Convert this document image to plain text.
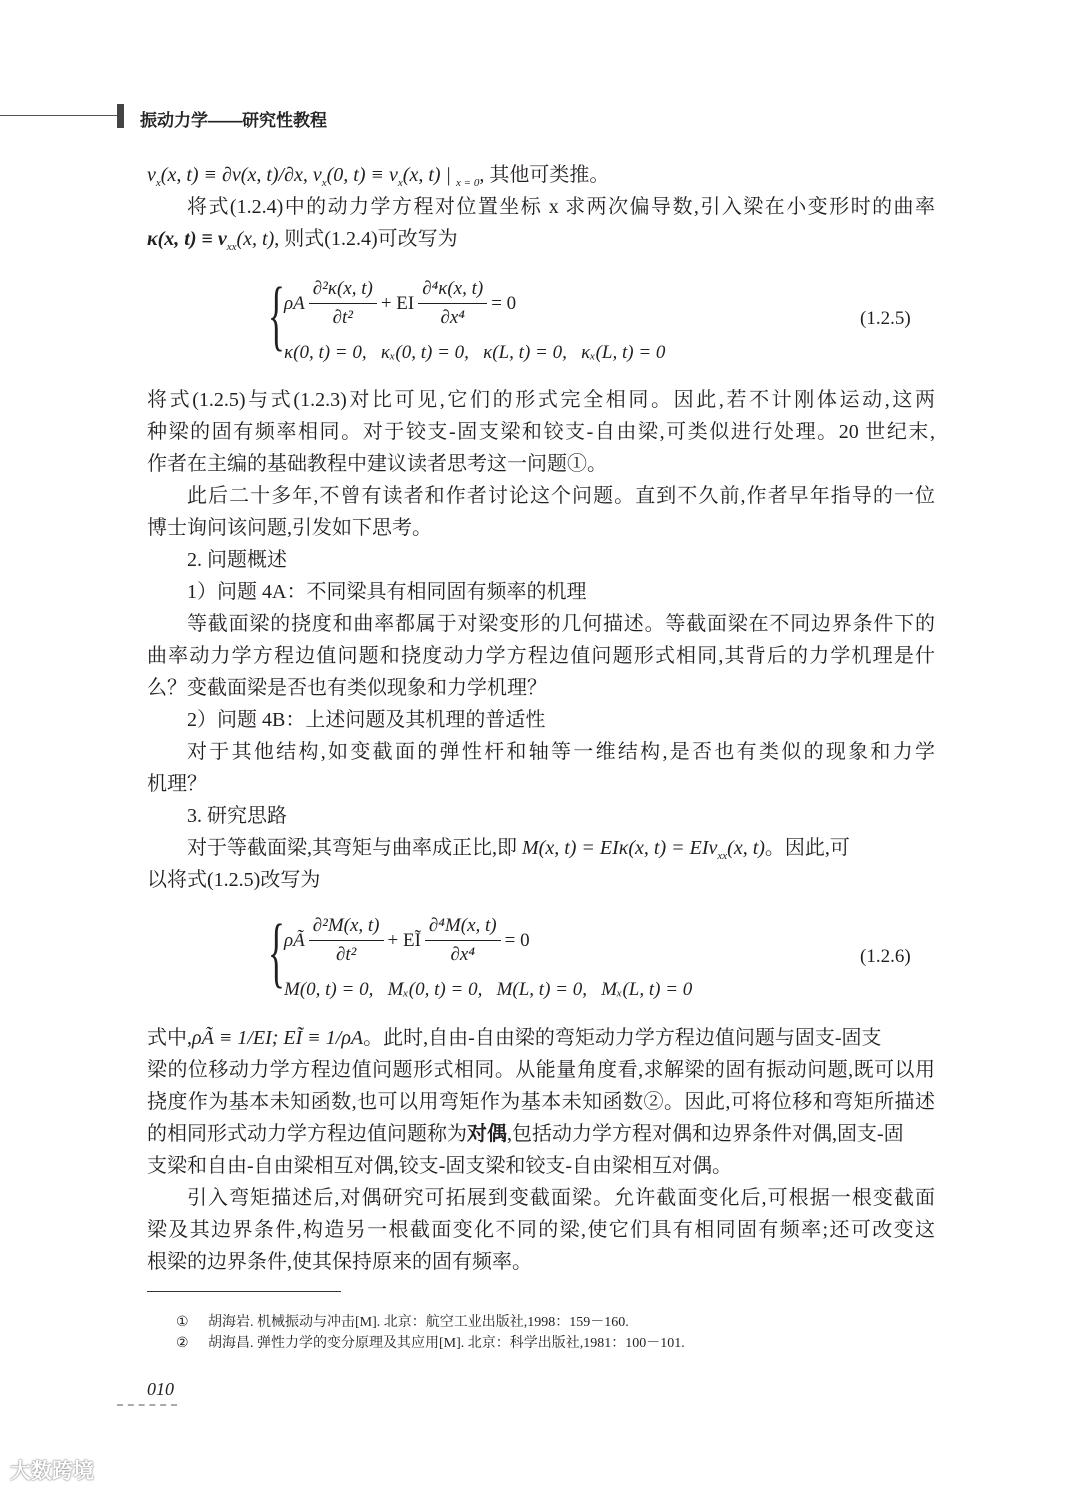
振动力学——研究性教程
$v_x(x$, t) ≡ ∂v(x, t)/∂x, $v_x(0$, $t) \equiv v_x(x$, t) | $_{x = 0}$, 其他可类推。
将式(1.2.4)中的动力学方程对位置坐标 x 求两次偏导数,引入梁在小变形时的曲率
κ(x, $t) \equiv v_{xx}(x$, t), 则式(1.2.4)可改写为
{ ρA $\frac{\text{∂²κ(x, t)}}{\text{∂t²}}$ + EI $\frac{\text{∂⁴κ(x, t)}}{\text{∂x⁴}} = 0$
κ(0, t) = 0,   κₓ(0, t) = 0,   κ(L, t) = 0,   κₓ(L, t) = 0
(1.2.5)
将式(1.2.5)与式(1.2.3)对比可见,它们的形式完全相同。因此,若不计刚体运动,这两
种梁的固有频率相同。对于铰支-固支梁和铰支-自由梁,可类似进行处理。20 世纪末,
作者在主编的基础教程中建议读者思考这一问题①。
此后二十多年,不曾有读者和作者讨论这个问题。直到不久前,作者早年指导的一位
博士询问该问题,引发如下思考。
2. 问题概述
1）问题 4A：不同梁具有相同固有频率的机理
等截面梁的挠度和曲率都属于对梁变形的几何描述。等截面梁在不同边界条件下的
曲率动力学方程边值问题和挠度动力学方程边值问题形式相同,其背后的力学机理是什
么？变截面梁是否也有类似现象和力学机理？
2）问题 4B：上述问题及其机理的普适性
对于其他结构,如变截面的弹性杆和轴等一维结构,是否也有类似的现象和力学
机理？
3. 研究思路
对于等截面梁,其弯矩与曲率成正比,即 M(x, t) = EIκ(x, t) = EIv$_{xx}$(x, t)。因此,可
以将式(1.2.5)改写为
{ ρÃ $\frac{\text{∂²M(x, t)}}{\text{∂t²}}$ + EĨ $\frac{\text{∂⁴M(x, t)}}{\text{∂x⁴}} = 0$
M(0, t) = 0,   Mₓ(0, t) = 0,   M(L, t) = 0,   Mₓ(L, t) = 0
(1.2.6)
式中,ρÃ ≡ 1/EI; EĨ ≡ 1/ρA。此时,自由-自由梁的弯矩动力学方程边值问题与固支-固支
梁的位移动力学方程边值问题形式相同。从能量角度看,求解梁的固有振动问题,既可以用
挠度作为基本未知函数,也可以用弯矩作为基本未知函数②。因此,可将位移和弯矩所描述
的相同形式动力学方程边值问题称为对偶,包括动力学方程对偶和边界条件对偶,固支-固
支梁和自由-自由梁相互对偶,铰支-固支梁和铰支-自由梁相互对偶。
引入弯矩描述后,对偶研究可拓展到变截面梁。允许截面变化后,可根据一根变截面
梁及其边界条件,构造另一根截面变化不同的梁,使它们具有相同固有频率;还可改变这
根梁的边界条件,使其保持原来的固有频率。
① 胡海岩. 机械振动与冲击[M]. 北京：航空工业出版社,1998：159－160.
② 胡海昌. 弹性力学的变分原理及其应用[M]. 北京：科学出版社,1981：100－101.
010
大数跨境
